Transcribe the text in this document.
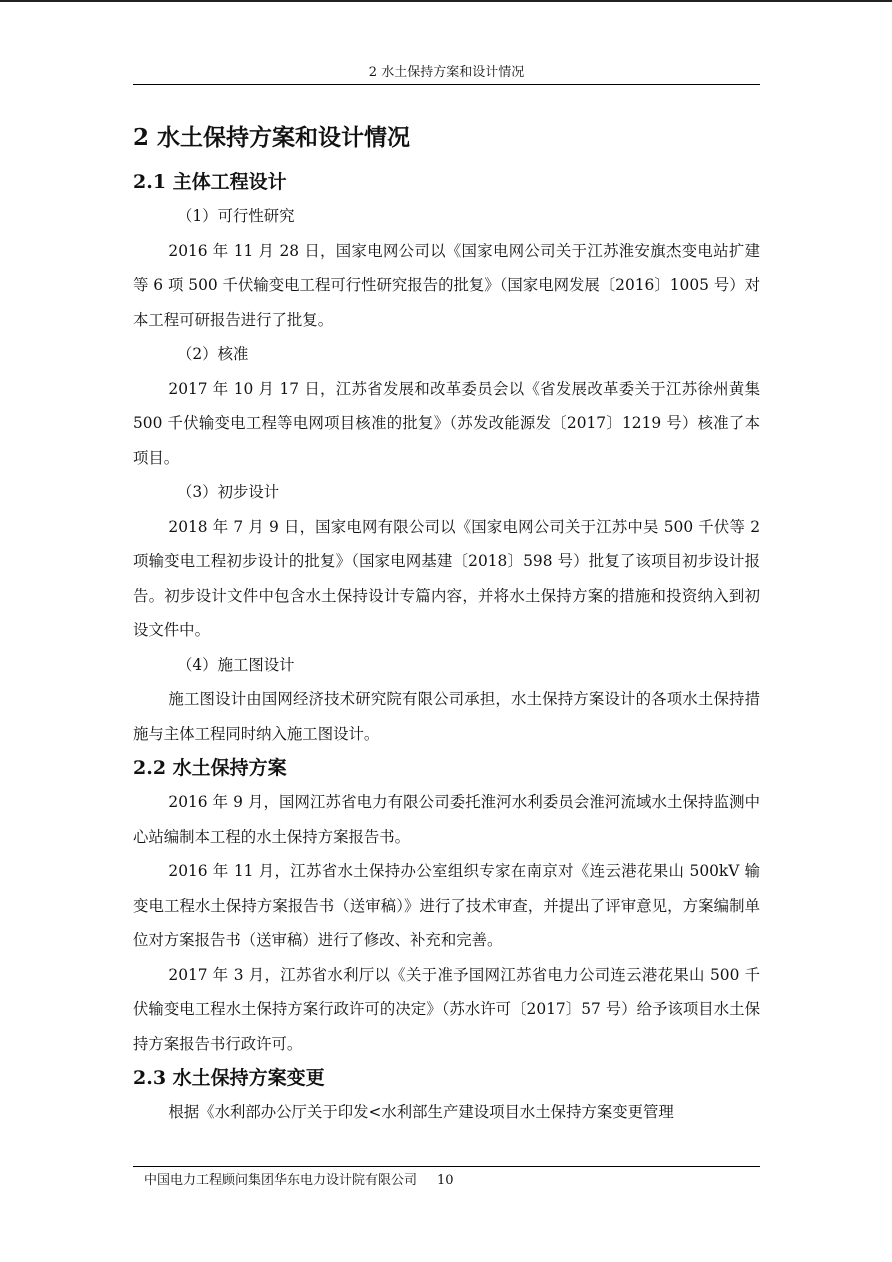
2 水土保持方案和设计情况
2 水土保持方案和设计情况
2.1 主体工程设计
（1）可行性研究

2016 年 11 月 28 日，国家电网公司以《国家电网公司关于江苏淮安旗杰变电站扩建等 6 项 500 千伏输变电工程可行性研究报告的批复》（国家电网发展〔2016〕1005 号）对本工程可研报告进行了批复。

（2）核准

2017 年 10 月 17 日，江苏省发展和改革委员会以《省发展改革委关于江苏徐州黄集 500 千伏输变电工程等电网项目核准的批复》（苏发改能源发〔2017〕1219 号）核准了本项目。

（3）初步设计

2018 年 7 月 9 日，国家电网有限公司以《国家电网公司关于江苏中吴 500 千伏等 2 项输变电工程初步设计的批复》（国家电网基建〔2018〕598 号）批复了该项目初步设计报告。初步设计文件中包含水土保持设计专篇内容，并将水土保持方案的措施和投资纳入到初设文件中。

（4）施工图设计

施工图设计由国网经济技术研究院有限公司承担，水土保持方案设计的各项水土保持措施与主体工程同时纳入施工图设计。

2.2 水土保持方案

2016 年 9 月，国网江苏省电力有限公司委托淮河水利委员会淮河流域水土保持监测中心站编制本工程的水土保持方案报告书。

2016 年 11 月，江苏省水土保持办公室组织专家在南京对《连云港花果山 500kV 输变电工程水土保持方案报告书（送审稿）》进行了技术审查，并提出了评审意见，方案编制单位对方案报告书（送审稿）进行了修改、补充和完善。

2017 年 3 月，江苏省水利厅以《关于准予国网江苏省电力公司连云港花果山 500 千伏输变电工程水土保持方案行政许可的决定》（苏水许可〔2017〕57 号）给予该项目水土保持方案报告书行政许可。

2.3 水土保持方案变更

根据《水利部办公厅关于印发<水利部生产建设项目水土保持方案变更管理

中国电力工程顾问集团华东电力设计院有限公司 10
